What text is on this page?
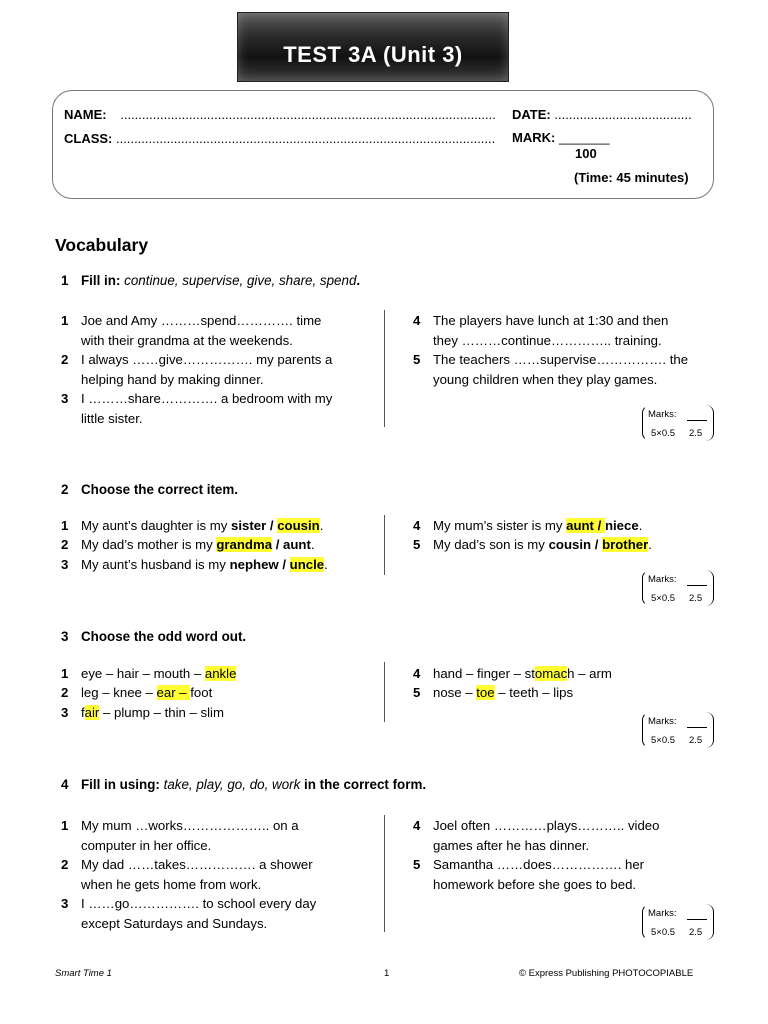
TEST 3A (Unit 3)
NAME: ........................................................................................................ DATE: ......................................
CLASS: ......................................................................................................... MARK: _______
100
(Time: 45 minutes)
Vocabulary
1 Fill in: continue, supervise, give, share, spend.
1 Joe and Amy ………spend…………. time
with their grandma at the weekends.
2 I always ……give……………. my parents a
helping hand by making dinner.
3 I ………share…………. a bedroom with my
little sister.
4 The players have lunch at 1:30 and then
they ………continue………….. training.
5 The teachers ……supervise……………. the
young children when they play games.
Marks:
5×0.5 2.5
2 Choose the correct item.
1 My aunt’s daughter is my sister / cousin.
2 My dad’s mother is my grandma / aunt.
3 My aunt’s husband is my nephew / uncle.
4 My mum’s sister is my aunt / niece.
5 My dad’s son is my cousin / brother.
Marks:
5×0.5 2.5
3 Choose the odd word out.
1 eye – hair – mouth – ankle
2 leg – knee – ear – foot
3 fair – plump – thin – slim
4 hand – finger – stomach – arm
5 nose – toe – teeth – lips
Marks:
5×0.5 2.5
4 Fill in using: take, play, go, do, work in the correct form.
1 My mum …works……………….. on a
computer in her office.
2 My dad ……takes……………. a shower
when he gets home from work.
3 I ……go……………. to school every day
except Saturdays and Sundays.
4 Joel often …………plays……….. video
games after he has dinner.
5 Samantha ……does……………. her
homework before she goes to bed.
Marks:
5×0.5 2.5
Smart Time 1	1	© Express Publishing PHOTOCOPIABLE
